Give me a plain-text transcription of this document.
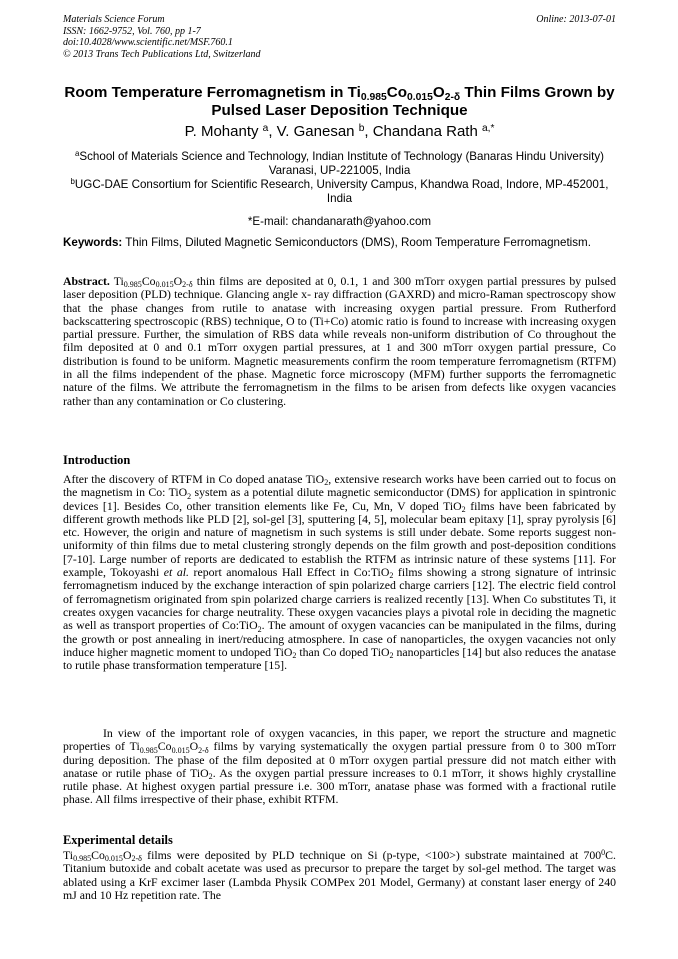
Materials Science Forum
ISSN: 1662-9752, Vol. 760, pp 1-7
doi:10.4028/www.scientific.net/MSF.760.1
© 2013 Trans Tech Publications Ltd, Switzerland
Online: 2013-07-01
Room Temperature Ferromagnetism in $Ti_{0.985}Co_{0.015}O_{2-\delta}$ Thin Films Grown by Pulsed Laser Deposition Technique
P. Mohanty $^a$, V. Ganesan $^b$, Chandana Rath $^{a,*}$
$^a$School of Materials Science and Technology, Indian Institute of Technology (Banaras Hindu University) Varanasi, UP-221005, India
$^b$UGC-DAE Consortium for Scientific Research, University Campus, Khandwa Road, Indore, MP-452001, India
*E-mail: chandanarath@yahoo.com
Keywords: Thin Films, Diluted Magnetic Semiconductors (DMS), Room Temperature Ferromagnetism.
Abstract. $Ti_{0.985}Co_{0.015}O_{2-\delta}$ thin films are deposited at 0, 0.1, 1 and 300 mTorr oxygen partial pressures by pulsed laser deposition (PLD) technique. Glancing angle x- ray diffraction (GAXRD) and micro-Raman spectroscopy show that the phase changes from rutile to anatase with increasing oxygen partial pressure. From Rutherford backscattering spectroscopic (RBS) technique, O to (Ti+Co) atomic ratio is found to increase with increasing oxygen partial pressure. Further, the simulation of RBS data while reveals non-uniform distribution of Co throughout the film deposited at 0 and 0.1 mTorr oxygen partial pressures, at 1 and 300 mTorr oxygen partial pressure, Co distribution is found to be uniform. Magnetic measurements confirm the room temperature ferromagnetism (RTFM) in all the films independent of the phase. Magnetic force microscopy (MFM) further supports the ferromagnetic nature of the films. We attribute the ferromagnetism in the films to be arisen from defects like oxygen vacancies rather than any contamination or Co clustering.
Introduction
After the discovery of RTFM in Co doped anatase TiO$_2$, extensive research works have been carried out to focus on the magnetism in Co: TiO$_2$ system as a potential dilute magnetic semiconductor (DMS) for application in spintronic devices [1]. Besides Co, other transition elements like Fe, Cu, Mn, V doped TiO$_2$ films have been fabricated by different growth methods like PLD [2], sol-gel [3], sputtering [4, 5], molecular beam epitaxy [1], spray pyrolysis [6] etc. However, the origin and nature of magnetism in such systems is still under debate. Some reports suggest non-uniformity of thin films due to metal clustering strongly depends on the film growth and post-deposition conditions [7-10]. Large number of reports are dedicated to establish the RTFM as intrinsic nature of these systems [11]. For example, Tokoyashi et al. report anomalous Hall Effect in Co:TiO$_2$ films showing a strong signature of intrinsic ferromagnetism induced by the exchange interaction of spin polarized charge carriers [12]. The electric field control of ferromagnetism originated from spin polarized charge carriers is realized recently [13]. When Co substitutes Ti, it creates oxygen vacancies for charge neutrality. These oxygen vacancies plays a pivotal role in deciding the magnetic as well as transport properties of Co:TiO$_2$. The amount of oxygen vacancies can be manipulated in the films, during the growth or post annealing in inert/reducing atmosphere. In case of nanoparticles, the oxygen vacancies not only induce higher magnetic moment to undoped TiO$_2$ than Co doped TiO$_2$ nanoparticles [14] but also reduces the anatase to rutile phase transformation temperature [15].
In view of the important role of oxygen vacancies, in this paper, we report the structure and magnetic properties of $Ti_{0.985}Co_{0.015}O_{2-\delta}$ films by varying systematically the oxygen partial pressure from 0 to 300 mTorr during deposition. The phase of the film deposited at 0 mTorr oxygen partial pressure did not match either with anatase or rutile phase of TiO$_2$. As the oxygen partial pressure increases to 0.1 mTorr, it shows highly crystalline rutile phase. At highest oxygen partial pressure i.e. 300 mTorr, anatase phase was formed with a fractional rutile phase. All films irrespective of their phase, exhibit RTFM.
Experimental details
$Ti_{0.985}Co_{0.015}O_{2-\delta}$ films were deposited by PLD technique on Si (p-type, <100>) substrate maintained at $700^0C$. Titanium butoxide and cobalt acetate was used as precursor to prepare the target by sol-gel method. The target was ablated using a KrF excimer laser (Lambda Physik COMPex 201 Model, Germany) at constant laser energy of 240 mJ and 10 Hz repetition rate. The
